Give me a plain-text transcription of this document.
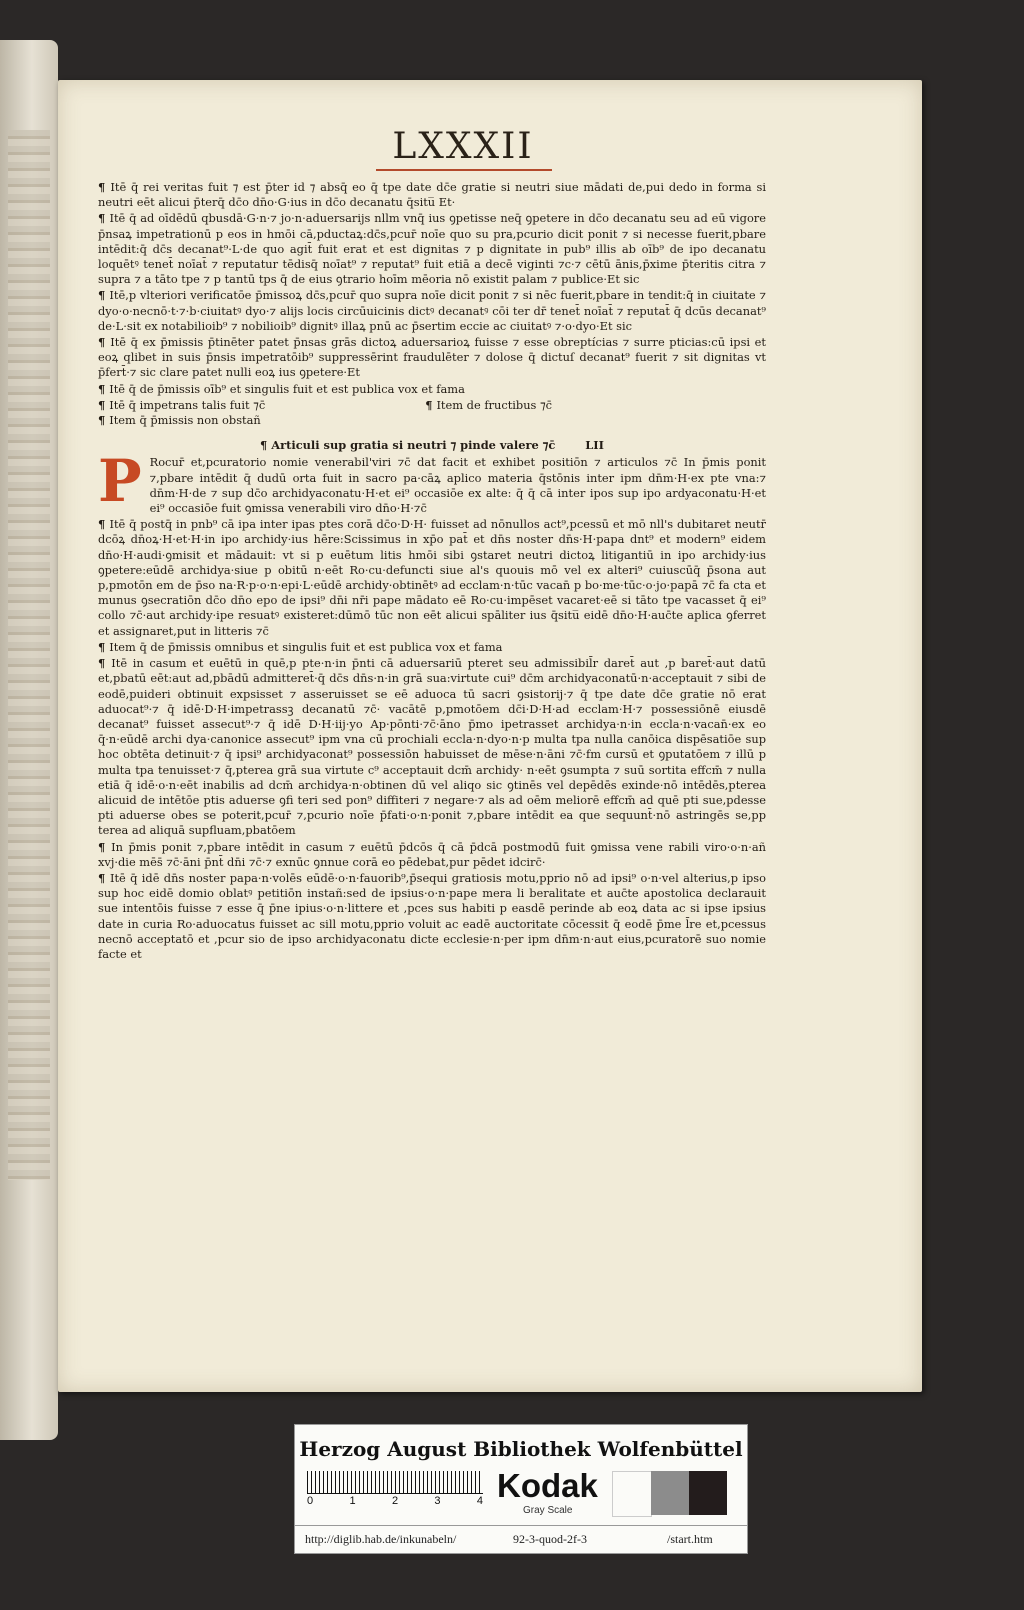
LXXXII

¶ Itē q̄ rei veritas fuit ⁊ est p̄ter id ⁊ absq̄ eo q̄ tpe date dc̄e gratie si neutri siue mādati de,pui dedo in forma si neutri eēt alicui p̄terq̄ dc̄o dn̄o·G·ius in dc̄o decanatu q̄situ̅ Et·

¶ Itē q̄ ad oīdēdū qbusdā·G·n·⁊ jo·n·aduersarijs nllm vnq̄ ius ꝯpetisse neq̄ ꝯpetere in dc̄o decanatu seu ad eū vigore p̄nsaꝝ impetrationū p eos in hmōi cā,pductaꝝ:dc̄s,pcur̄ noīe quo su pra,pcurio dicit ponit ⁊ si necesse fuerit,pbare intēdit:q̄ dc̄s decanat⁹·L·de quo agit̄ fuit erat et est dignitas ⁊ p dignitate in pub⁹ illis ab oīb⁹ de ipo decanatu loquētꝰ tenet̄ noīat̄ ⁊ reputatur tēdisq̄ noīat⁹ ⁊ reputat⁹ fuit etiā a decē viginti ⁊c·⁊ cētū ānis,p̄xime p̄teritis citra ⁊ supra ⁊ a tāto tpe ⁊ p tantū tps q̄ de eius ꝯtrario hoīm mēoria nō existit palam ⁊ publice·Et sic

¶ Itē,p vlteriori verificatōe p̄missoꝝ dc̄s,pcur̄ quo supra noīe dicit ponit ⁊ si nēc fuerit,pbare in tendit:q̄ in ciuitate ⁊ dyo·o·necnō·t·⁊·b·ciuitatꝰ dyo·⁊ alijs locis circūuicinis dictꝰ decanatꝰ cōi ter dr̄ tenet̄ noīat̄ ⁊ reputat̄ q̄ dcūs decanat⁹ de·L·sit ex notabilioib⁹ ⁊ nobilioib⁹ dignitꝰ illaꝝ pnū ac p̄sertim eccie ac ciuitatꝰ ⁊·o·dyo·Et sic

¶ Itē q̄ ex p̄missis p̄tinēter patet p̄nsas grās dictoꝝ aduersarioꝝ fuisse ⁊ esse obreptícias ⁊ surre pticias:cū ipsi et eoꝝ qlibet in suis p̄nsis impetratōib⁹ suppressērint fraudulēter ⁊ dolose q̄ dictuſ decanat⁹ fuerit ⁊ sit dignitas vt p̄fert̄·⁊ sic clare patet nulli eoꝝ ius ꝯpetere·Et

¶ Itē q̄ de p̄missis oīb⁹ et singulis fuit et est publica vox et fama

¶ Itē q̄ impetrans talis fuit ⁊c̄	¶ Item de fructibus ⁊c̄

¶ Item q̄ p̄missis non obstañ

¶ Articuli sup gratia si neutri ⁊ pinde valere ⁊c̄	LII

P Rocur̄ et,pcuratorio nomie venerabil'viri ⁊c̄ dat facit et exhibet positiōn ⁊ articulos ⁊c̄ In p̄mis ponit ⁊,pbare intēdit q̄ dudū orta fuit in sacro pa·cāꝝ aplico materia q̄stōnis inter ipm dn̄m·H·ex pte vna:⁊ dn̄m·H·de ⁊ sup dc̄o archidyaconatu·H·et ei⁹ occasiōe ex alte: q̄ q̄ cā inter ipos sup ipo ardyaconatu·H·et ei⁹ occasiōe fuit ꝯmissa venerabili viro dn̄o·H·⁊c̄

¶ Itē q̄ postq̄ in pnb⁹ cā ipa inter ipas ptes corā dc̄o·D·H· fuisset ad nōnullos act⁹,pcessū et mō nll's dubitaret neutr̄ dcōꝝ dn̄oꝝ·H·et·H·in ipo archidy·ius hēre:Scissimus in xp̄o pat̄ et dn̄s noster dn̄s·H·papa dnt⁹ et modern⁹ eidem dn̄o·H·audi·ꝯmisit et mādauit: vt si p euētum litis hmōi sibi ꝯstaret neutri dictoꝝ litigantiū in ipo archidy·ius ꝯpetere:eūdē archidya·siue p obitū n·eēt Ro·cu·defuncti siue al's quouis mō vel ex alteri⁹ cuiuscūq̄ p̄sona aut p,pmotōn em de p̄so na·R·p·o·n·epi·L·eūdē archidy·obtinētꝰ ad ecclam·n·tūc vacan̄ p bo·me·tūc·o·jo·papā ⁊c̄ fa cta et munus ꝯsecratiōn dc̄o dn̄o epo de ipsi⁹ dn̄i nr̄i pape mādato eē Ro·cu·impēset vacaret·eē si tāto tpe vacasset q̄ ei⁹ collo ⁊c̄·aut archidy·ipe resuatꝰ existeret:dūmō tūc non eēt alicui spāliter ius q̄situ̅ eidē dn̄o·H·auc̄te aplica ꝯferret et assignaret,put in litteris ⁊c̄

¶ Item q̄ de p̄missis omnibus et singulis fuit et est publica vox et fama

¶ Itē in casum et euētū in quē,p pte·n·in p̄nti cā aduersariū pteret seu admissibil̄r daret̄ aut ,p baret̄·aut datū et,pbatū eēt:aut ad,pbādū admitteret̄·q̄ dc̄s dn̄s·n·in grā sua:virtute cui⁹ dc̄m archidyaconatū·n·acceptauit ⁊ sibi de eodē,puideri obtinuit expsisset ⁊ asseruisset se eē aduoca tū sacri ꝯsistorij·⁊ q̄ tpe date dc̄e gratie nō erat aduocat⁹·⁊ q̄ idē·D·H·impetrassꝫ decanatū ⁊c̄· vacātē p,pmotōem dc̄i·D·H·ad ecclam·H·⁊ possessiōnē eiusdē decanat⁹ fuisset assecut⁹·⁊ q̄ idē D·H·iij·yo Ap·pōnti·⁊c̄·āno p̄mo ipetrasset archidya·n·in eccla·n·vacan̄·ex eo q̄·n·eūdē archi dya·canonice assecut⁹ ipm vna cū prochiali eccla·n·dyo·n·p multa tpa nulla canōica dispēsatiōe sup hoc obtēta detinuit·⁊ q̄ ipsi⁹ archidyaconat⁹ possessiōn habuisset de mēse·n·āni ⁊c̄·fm cursū et ꝯputatōem ⁊ illū p multa tpa tenuisset·⁊ q̄,pterea grā sua virtute c⁹ acceptauit dcm̄ archidy· n·eēt ꝯsumpta ⁊ suū sortita effcm̄ ⁊ nulla etiā q̄ idē·o·n·eēt inabilis ad dcm̄ archidya·n·obtinen dū vel aliqo sic ꝯtinēs vel depēdēs exinde·nō intēdēs,pterea alicuid de intētōe ptis aduerse ꝯfi teri sed pon⁹ diffiteri ⁊ negare·⁊ als ad oēm meliorē effcm̄ ad quē pti sue,pdesse pti aduerse obes se poterit,pcur̄ ⁊,pcurio noīe p̄fati·o·n·ponit ⁊,pbare intēdit ea que sequunt̄·nō astringēs se,pp terea ad aliquā supfluam,pbatōem

¶ In p̄mis ponit ⁊,pbare intēdit in casum ⁊ euētū p̄dcōs q̄ cā p̄dcā postmodū fuit ꝯmissa vene rabili viro·o·n·añ xvj·die mēs̄ ⁊c̄·āni p̄nt̄ dn̄i ⁊c̄·⁊ exnūc ꝯnnue corā eo pēdebat,pur pēdet idcirc̄·

¶ Itē q̄ idē dn̄s noster papa·n·volēs eūdē·o·n·fauorib⁹,p̄sequi gratiosis motu,pprio nō ad ipsi⁹ o·n·vel alterius,p ipso sup hoc eidē domio oblatꝰ petitiōn instañ:sed de ipsius·o·n·pape mera li beralitate et auc̄te apostolica declarauit sue intentōis fuisse ⁊ esse q̄ p̄ne ipius·o·n·littere et ,pces sus habiti p easdē perinde ab eoꝝ data ac si ipse ipsius date in curia Ro·aduocatus fuisset ac sill motu,pprio voluit ac eadē auctoritate cōcessit q̄ eodē p̄me l̄re et,pcessus necnō acceptatō et ,pcur sio de ipso archidyaconatu dicte ecclesie·n·per ipm dn̄m·n·aut eius,pcuratorē suo nomie facte et

Herzog August Bibliothek Wolfenbüttel
0	1	2	3	4 Kodak
Gray Scale
http://diglib.hab.de/inkunabeln/	92-3-quod-2f-3	/start.htm
